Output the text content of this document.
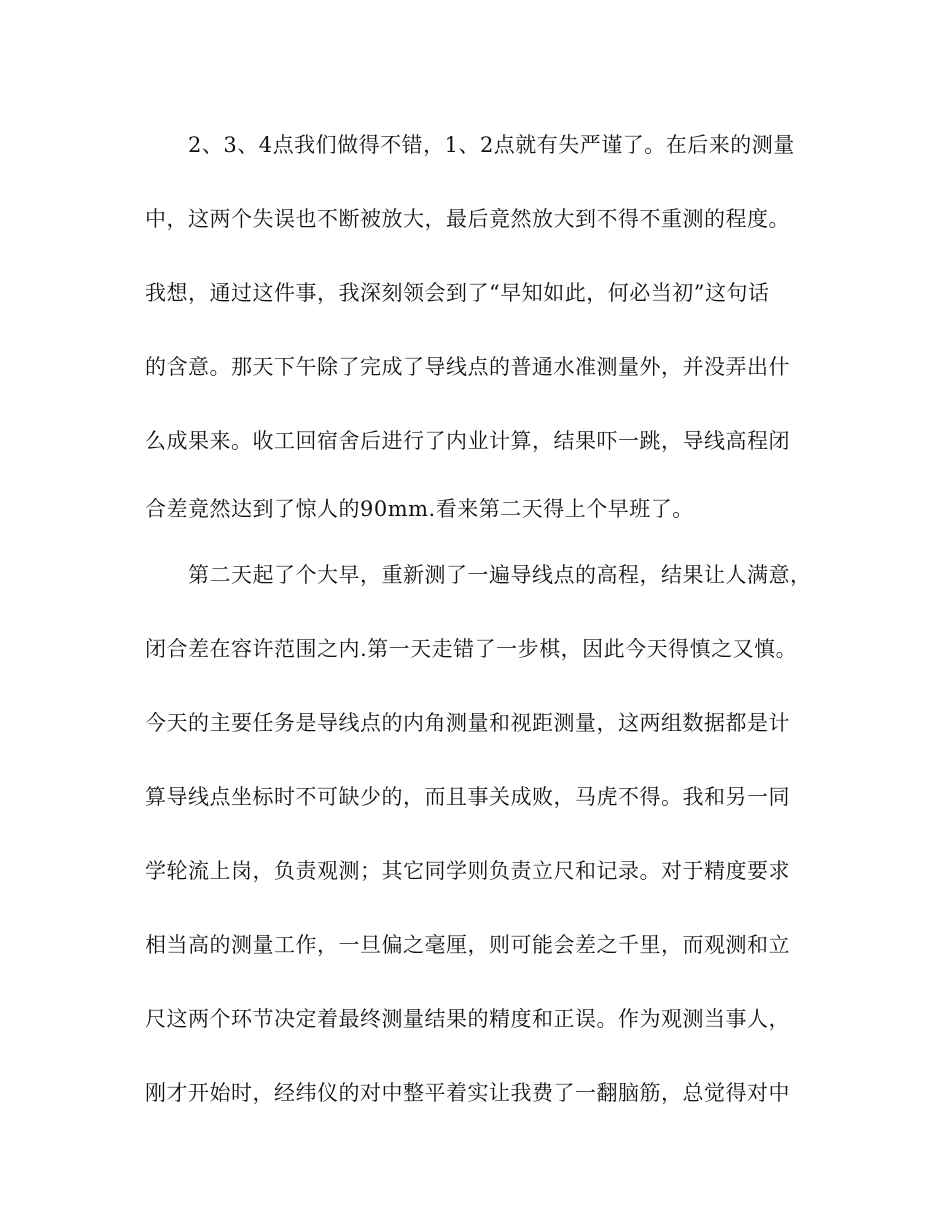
2、3、4点我们做得不错，1、2点就有失严谨了。在后来的测量
中，这两个失误也不断被放大，最后竟然放大到不得不重测的程度。
我想，通过这件事，我深刻领会到了“早知如此，何必当初”这句话
的含意。那天下午除了完成了导线点的普通水准测量外，并没弄出什
么成果来。收工回宿舍后进行了内业计算，结果吓一跳，导线高程闭
合差竟然达到了惊人的90mm.看来第二天得上个早班了。
第二天起了个大早，重新测了一遍导线点的高程，结果让人满意，
闭合差在容许范围之内.第一天走错了一步棋，因此今天得慎之又慎。
今天的主要任务是导线点的内角测量和视距测量，这两组数据都是计
算导线点坐标时不可缺少的，而且事关成败，马虎不得。我和另一同
学轮流上岗，负责观测；其它同学则负责立尺和记录。对于精度要求
相当高的测量工作，一旦偏之毫厘，则可能会差之千里，而观测和立
尺这两个环节决定着最终测量结果的精度和正误。作为观测当事人，
刚才开始时，经纬仪的对中整平着实让我费了一翻脑筋，总觉得对中
